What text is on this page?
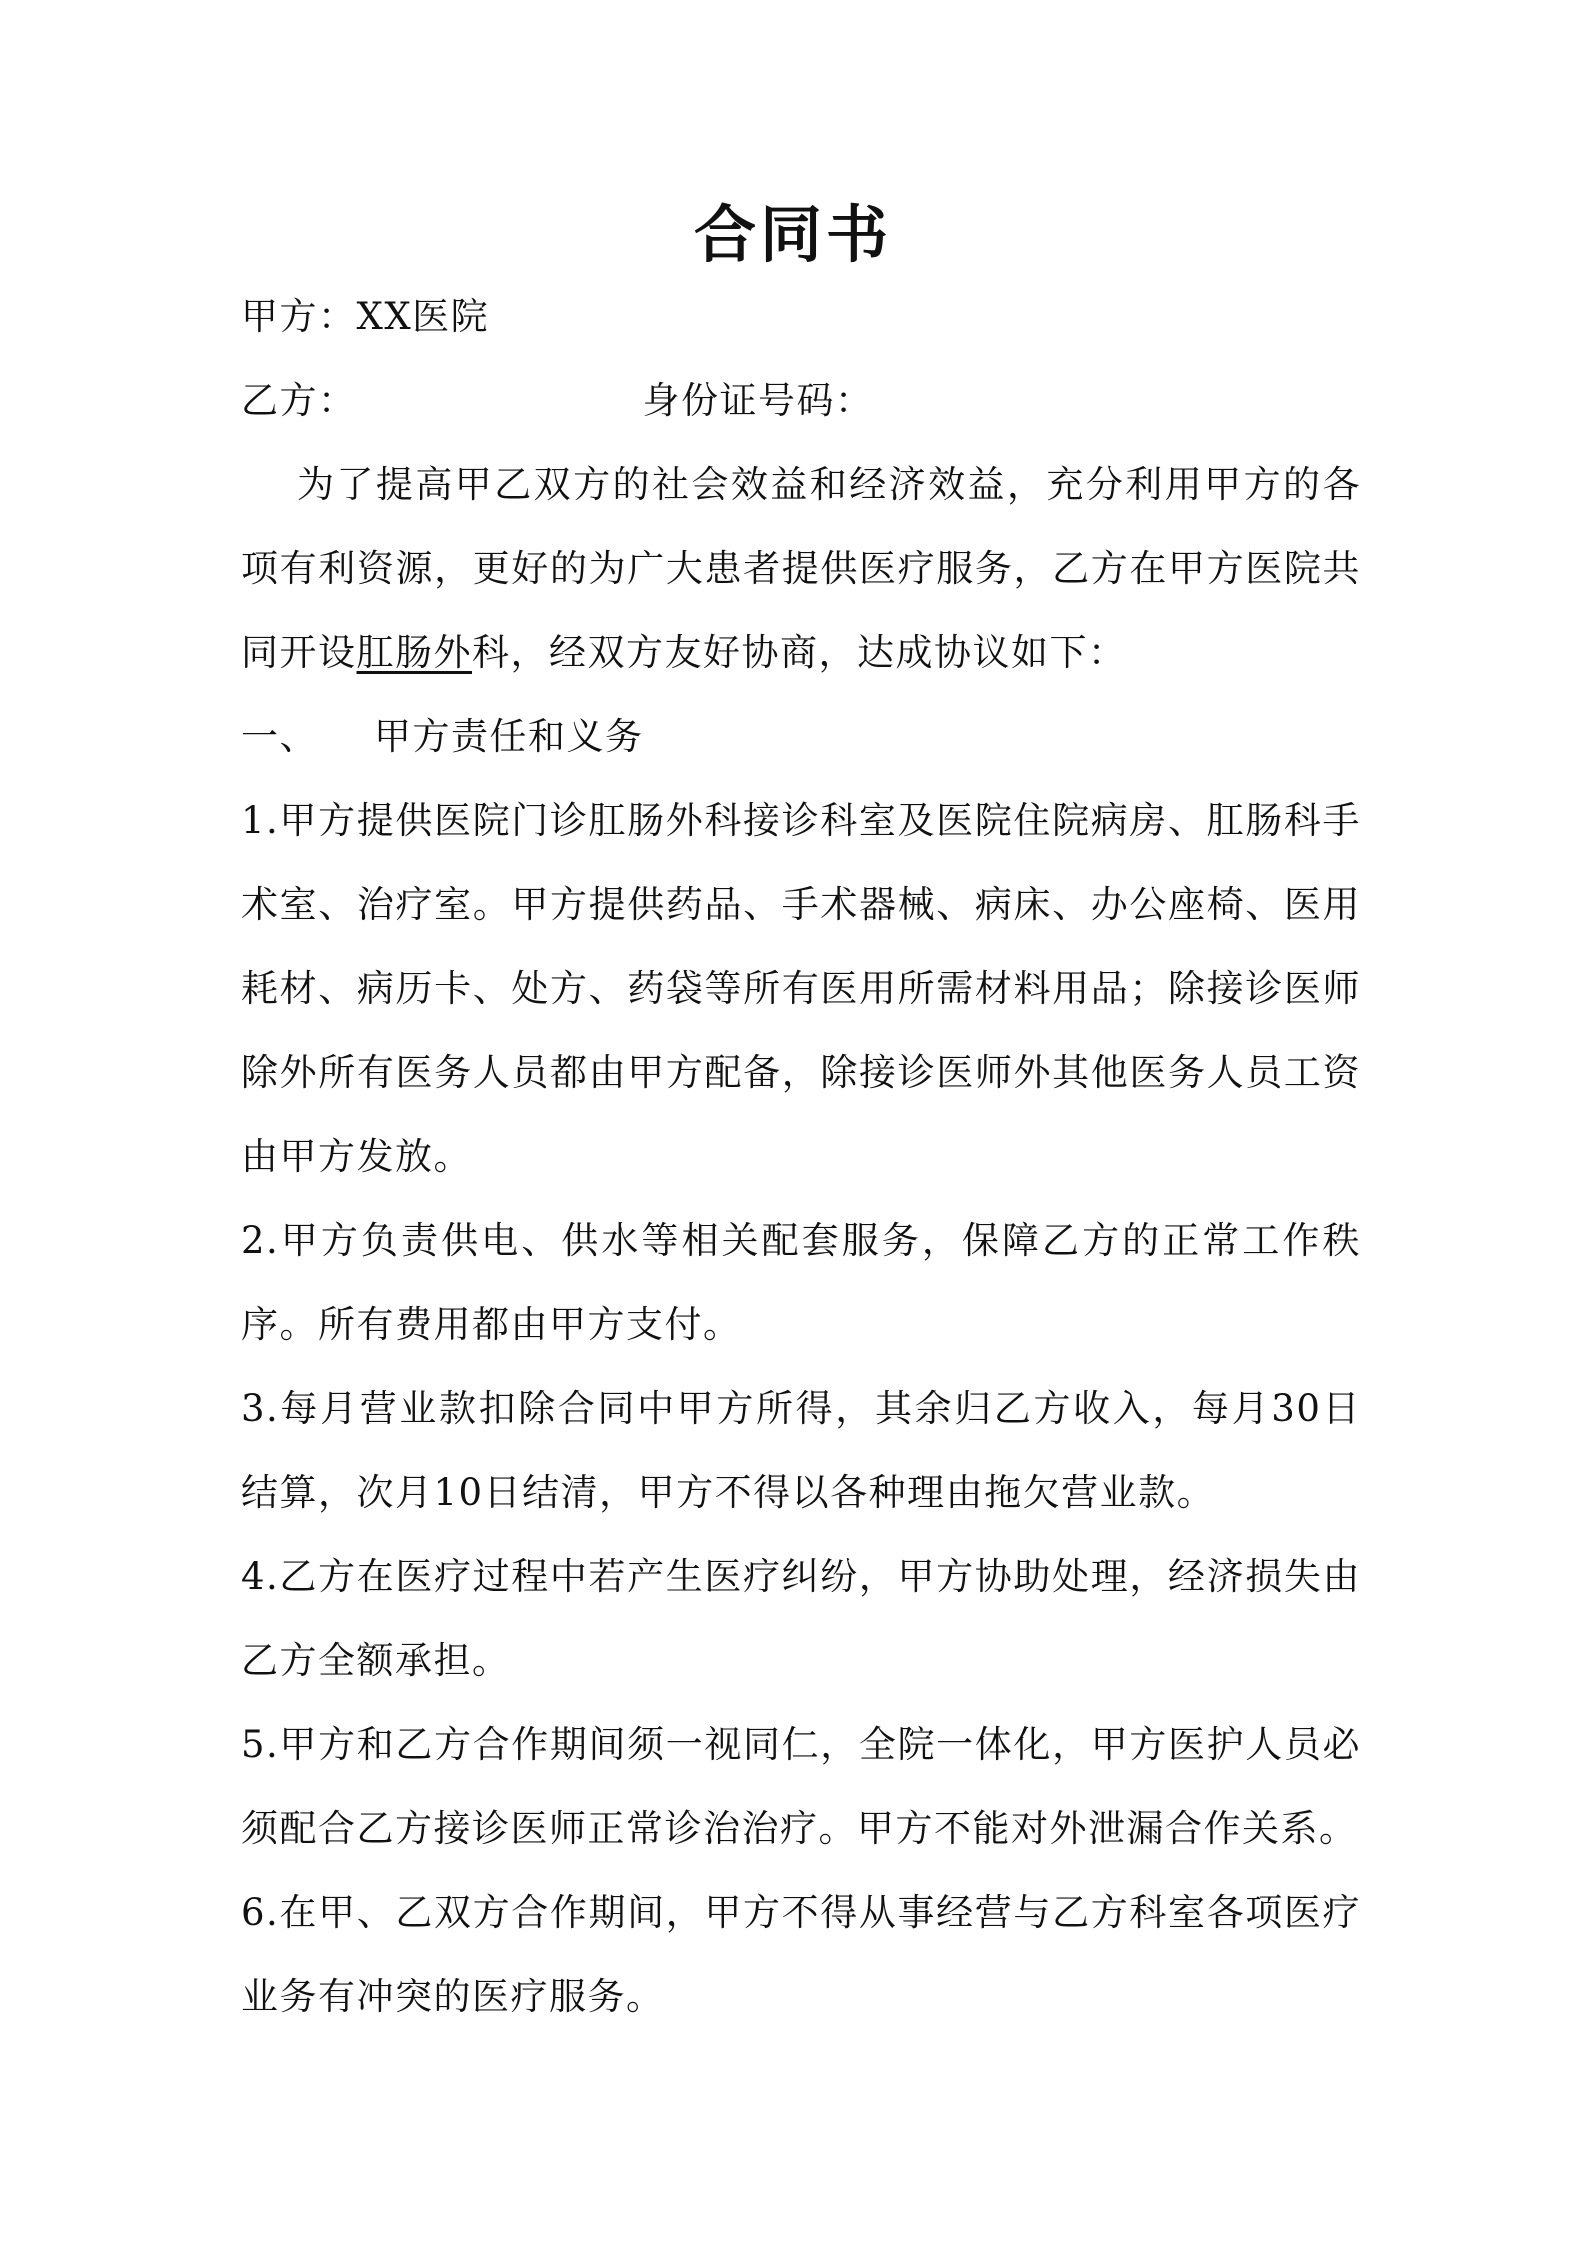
合同书

甲方：XX医院

乙方：	身份证号码：

为了提高甲乙双方的社会效益和经济效益，充分利用甲方的各项有利资源，更好的为广大患者提供医疗服务，乙方在甲方医院共同开设肛肠外科，经双方友好协商，达成协议如下：

一、 甲方责任和义务

1.甲方提供医院门诊肛肠外科接诊科室及医院住院病房、肛肠科手术室、治疗室。甲方提供药品、手术器械、病床、办公座椅、医用耗材、病历卡、处方、药袋等所有医用所需材料用品；除接诊医师除外所有医务人员都由甲方配备，除接诊医师外其他医务人员工资由甲方发放。

2.甲方负责供电、供水等相关配套服务，保障乙方的正常工作秩序。所有费用都由甲方支付。

3.每月营业款扣除合同中甲方所得，其余归乙方收入，每月30日结算，次月10日结清，甲方不得以各种理由拖欠营业款。

4.乙方在医疗过程中若产生医疗纠纷，甲方协助处理，经济损失由乙方全额承担。

5.甲方和乙方合作期间须一视同仁，全院一体化，甲方医护人员必须配合乙方接诊医师正常诊治治疗。甲方不能对外泄漏合作关系。

6.在甲、乙双方合作期间，甲方不得从事经营与乙方科室各项医疗业务有冲突的医疗服务。
